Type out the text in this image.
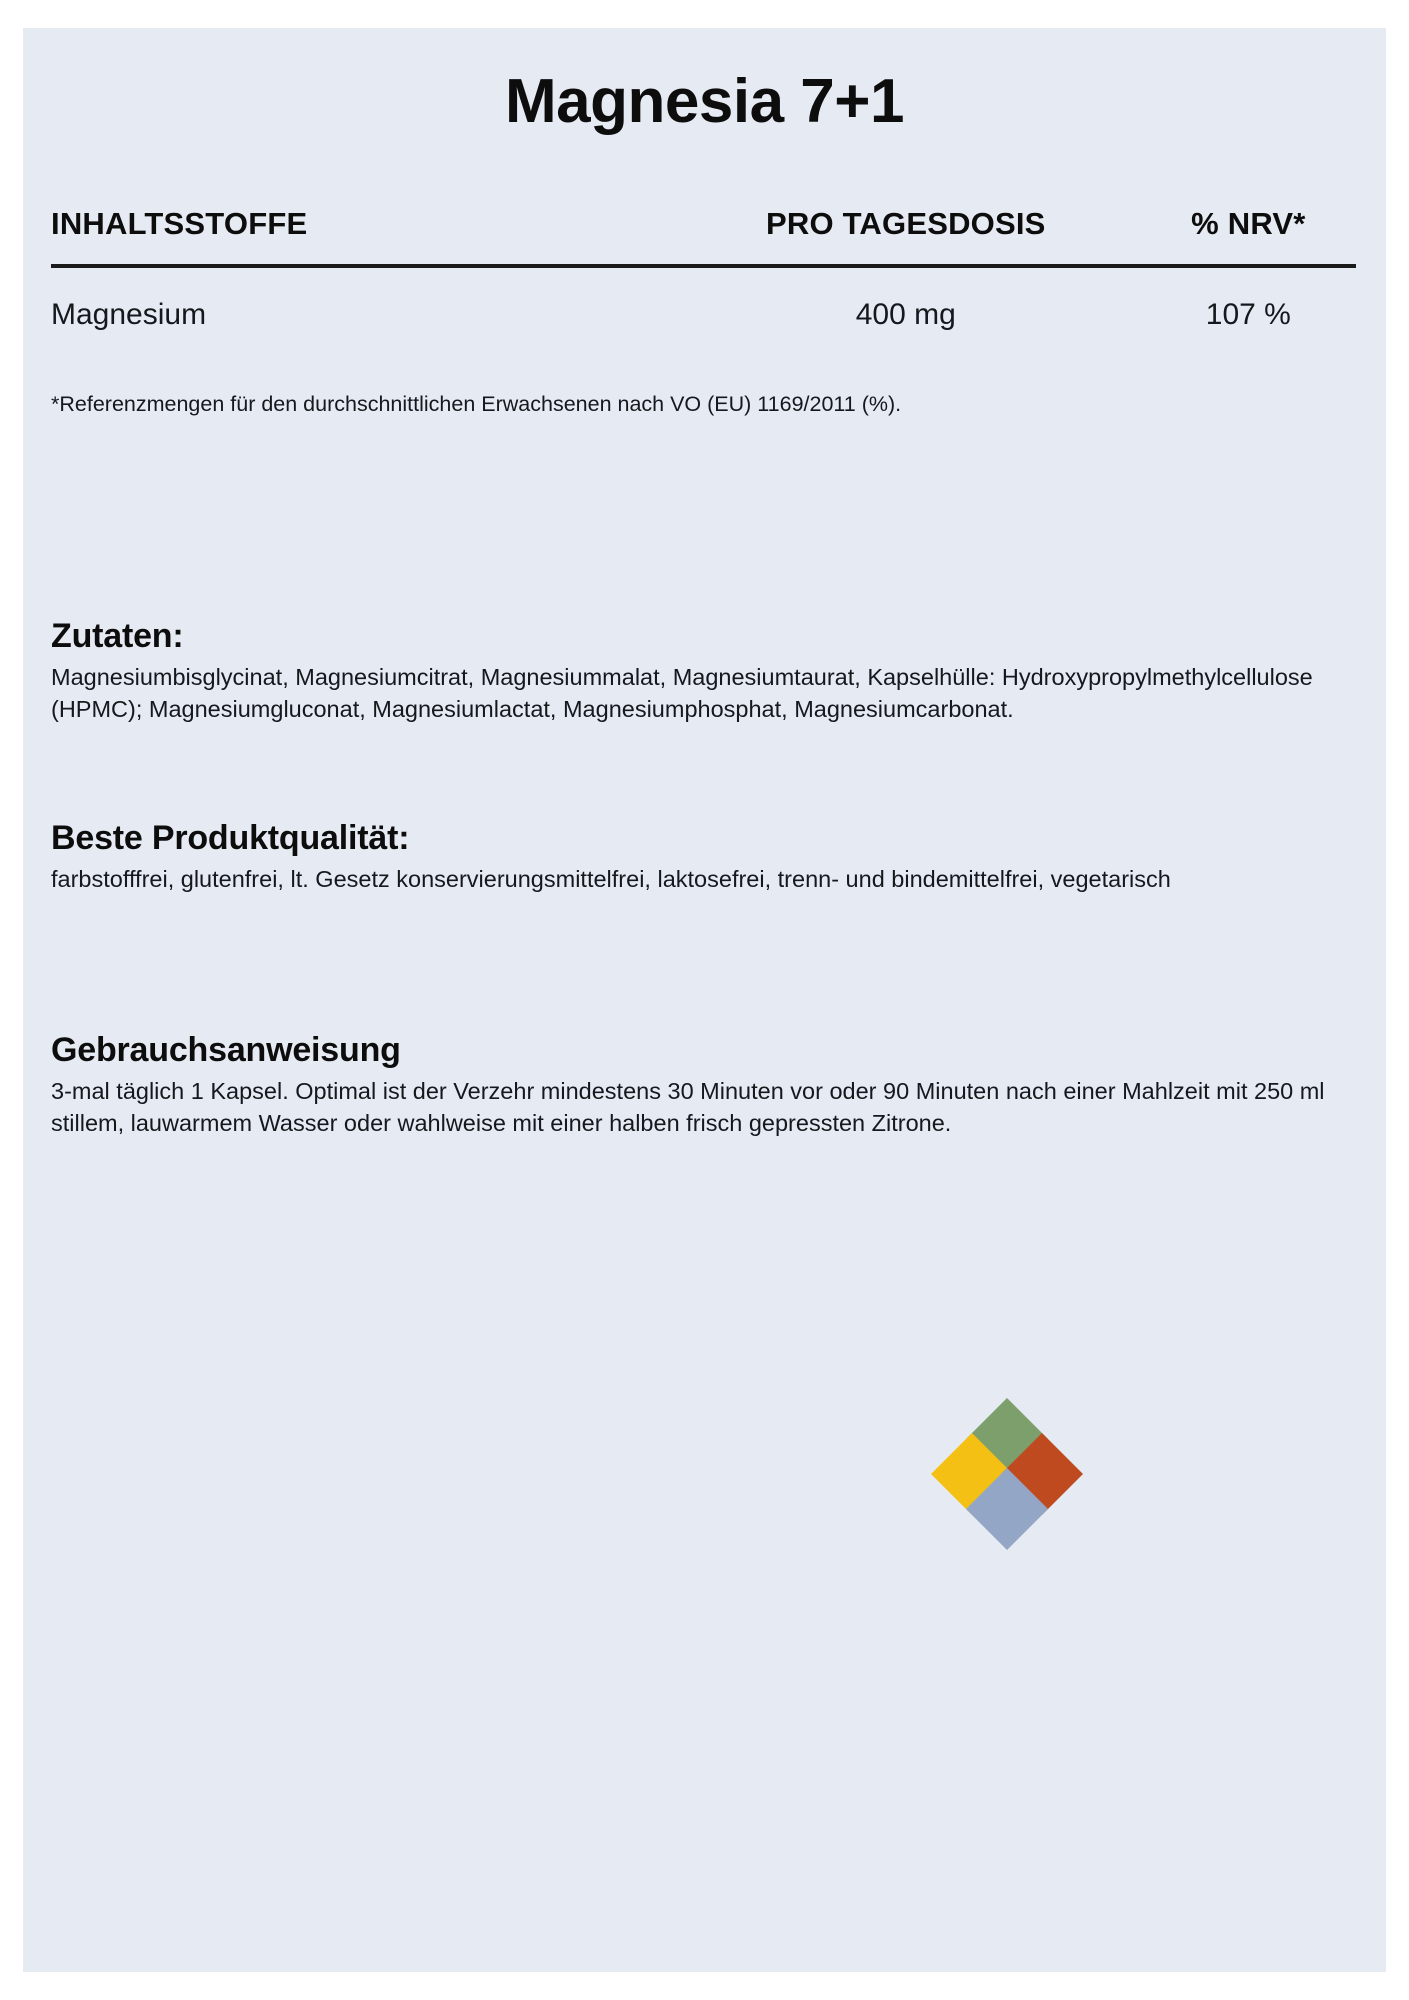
Magnesia 7+1
INHALTSSTOFFE	PRO TAGESDOSIS	% NRV*
Magnesium	400 mg	107 %
*Referenzmengen für den durchschnittlichen Erwachsenen nach VO (EU) 1169/2011 (%).
Zutaten:

Magnesiumbisglycinat, Magnesiumcitrat, Magnesiummalat, Magnesiumtaurat, Kapselhülle: Hydroxypropylmethylcellulose (HPMC); Magnesiumgluconat, Magnesiumlactat, Magnesiumphosphat, Magnesiumcarbonat.

Beste Produktqualität:

farbstofffrei, glutenfrei, lt. Gesetz konservierungsmittelfrei, laktosefrei, trenn- und bindemittelfrei, vegetarisch

Gebrauchsanweisung

3-mal täglich 1 Kapsel. Optimal ist der Verzehr mindestens 30 Minuten vor oder 90 Minuten nach einer Mahlzeit mit 250 ml stillem, lauwarmem Wasser oder wahlweise mit einer halben frisch gepressten Zitrone.
